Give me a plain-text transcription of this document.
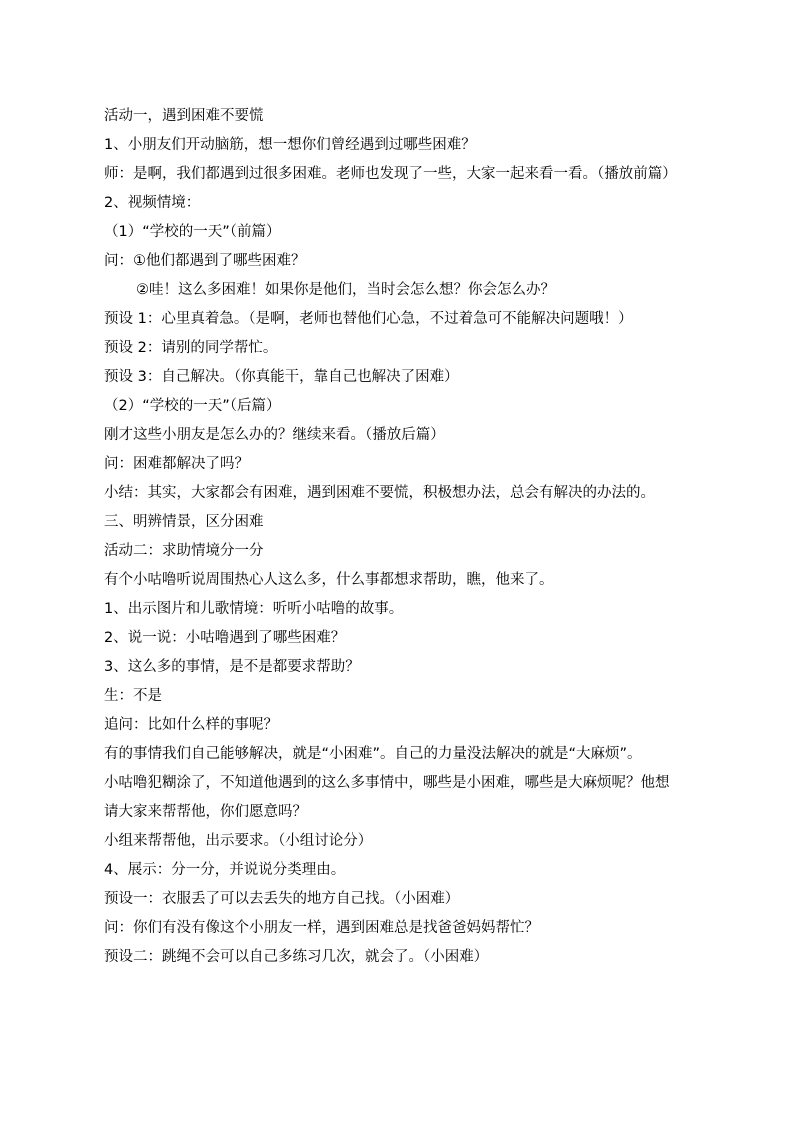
活动一，遇到困难不要慌
1、小朋友们开动脑筋，想一想你们曾经遇到过哪些困难？
师：是啊，我们都遇到过很多困难。老师也发现了一些，大家一起来看一看。（播放前篇）
2、视频情境：
（1）“学校的一天”（前篇）
问：①他们都遇到了哪些困难？
②哇！这么多困难！如果你是他们，当时会怎么想？你会怎么办？
预设 1：心里真着急。（是啊，老师也替他们心急，不过着急可不能解决问题哦！）
预设 2：请别的同学帮忙。
预设 3：自己解决。（你真能干，靠自己也解决了困难）
（2）“学校的一天”（后篇）
刚才这些小朋友是怎么办的？继续来看。（播放后篇）
问：困难都解决了吗？
小结：其实，大家都会有困难，遇到困难不要慌，积极想办法，总会有解决的办法的。
三、明辨情景，区分困难
活动二：求助情境分一分
有个小咕噜听说周围热心人这么多，什么事都想求帮助，瞧，他来了。
1、出示图片和儿歌情境：听听小咕噜的故事。
2、说一说：小咕噜遇到了哪些困难？
3、这么多的事情，是不是都要求帮助？
生：不是
追问：比如什么样的事呢？
有的事情我们自己能够解决，就是“小困难”。自己的力量没法解决的就是“大麻烦”。
小咕噜犯糊涂了，不知道他遇到的这么多事情中，哪些是小困难，哪些是大麻烦呢？他想
请大家来帮帮他，你们愿意吗？
小组来帮帮他，出示要求。（小组讨论分）
4、展示：分一分，并说说分类理由。
预设一：衣服丢了可以去丢失的地方自己找。（小困难）
问：你们有没有像这个小朋友一样，遇到困难总是找爸爸妈妈帮忙？
预设二：跳绳不会可以自己多练习几次，就会了。（小困难）
